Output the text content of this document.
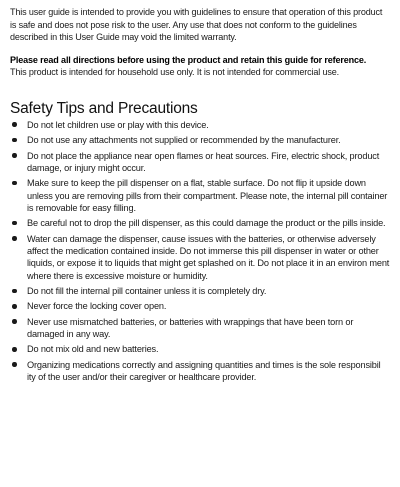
This user guide is intended to provide you with guidelines to ensure that operation of this product is safe and does not pose risk to the user. Any use that does not conform to the guidelines described in this User Guide may void the limited warranty.

Please read all directions before using the product and retain this guide for reference.

This product is intended for household use only. It is not intended for commercial use.

Safety Tips and Precautions
Do not let children use or play with this device.
Do not use any attachments not supplied or recommended by the manufacturer.
Do not place the appliance near open flames or heat sources. Fire, electric shock, product damage, or injury might occur.
Make sure to keep the pill dispenser on a flat, stable surface. Do not flip it upside down unless you are removing pills from their compartment. Please note, the internal pill container is removable for easy filling.
Be careful not to drop the pill dispenser, as this could damage the product or the pills inside.
Water can damage the dispenser, cause issues with the batteries, or otherwise adversely affect the medication contained inside. Do not immerse this pill dispenser in water or other liquids, or expose it to liquids that might get splashed on it. Do not place it in an environ ment where there is excessive moisture or humidity.
Do not fill the internal pill container unless it is completely dry.
Never force the locking cover open.
Never use mismatched batteries, or batteries with wrappings that have been torn or damaged in any way.
Do not mix old and new batteries.
Organizing medications correctly and assigning quantities and times is the sole responsibil ity of the user and/or their caregiver or healthcare provider.
